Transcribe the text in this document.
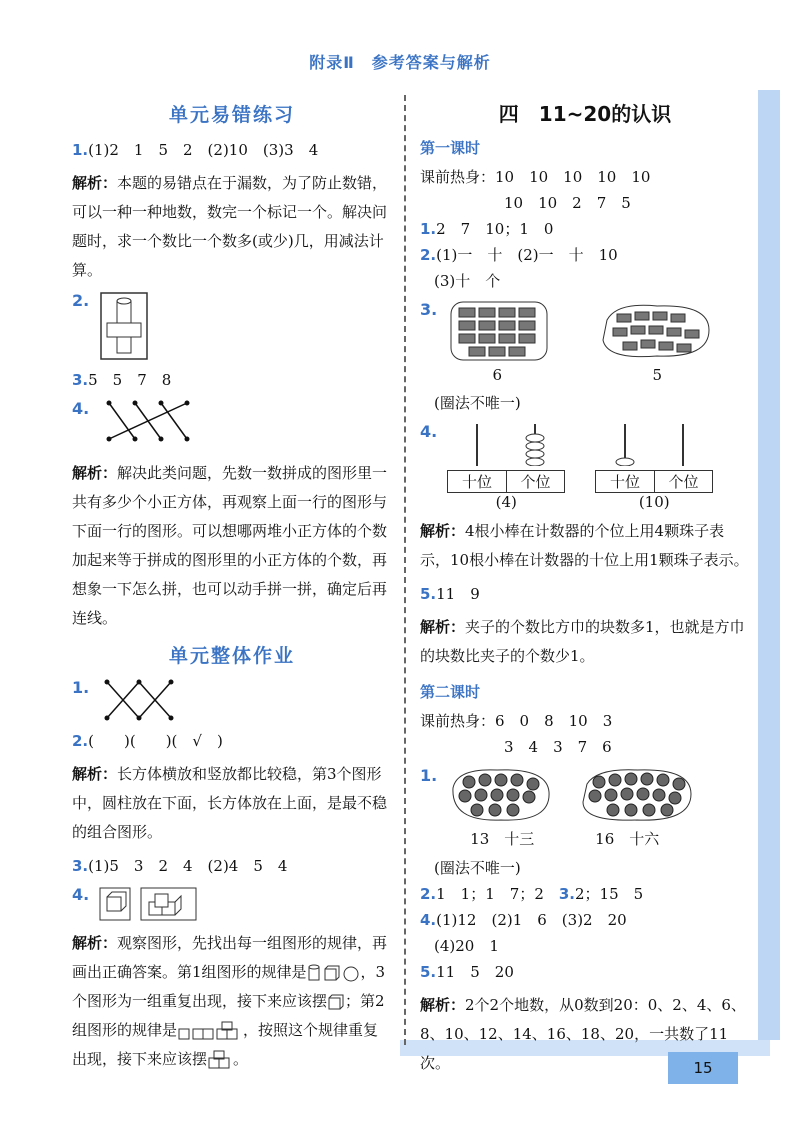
附录Ⅱ　参考答案与解析
单元易错练习
1.(1)2　1　5　2　(2)10　(3)3　4
解析：本题的易错点在于漏数，为了防止数错，可以一种一种地数，数完一个标记一个。解决问题时，求一个数比一个数多(或少)几，用减法计算。
2.
3.5　5　7　8
4.
解析：解决此类问题，先数一数拼成的图形里一共有多少个小正方体，再观察上面一行的图形与下面一行的图形。可以想哪两堆小正方体的个数加起来等于拼成的图形里的小正方体的个数，再想象一下怎么拼，也可以动手拼一拼，确定后再连线。
单元整体作业
1.
2.(　　)(　　)(　√　)
解析：长方体横放和竖放都比较稳，第3个图形中，圆柱放在下面，长方体放在上面，是最不稳的组合图形。
3.(1)5　3　2　4　(2)4　5　4
4.
解析：观察图形，先找出每一组图形的规律，再画出正确答案。第1组图形的规律是	，3个图形为一组重复出现，接下来应该摆 ；第2组图形的规律是	，按照这个规律重复出现，接下来应该摆 。
四　11~20的认识
第一课时
课前热身：10　10　10　10　10
10　10　2　7　5
1.2　7　10；1　0
2.(1)一　十　(2)一　十　10
(3)十　个
3.
6	5
(圈法不唯一)
4.
十位	个位
(4)
十位	个位
(10)
解析：4根小棒在计数器的个位上用4颗珠子表示，10根小棒在计数器的十位上用1颗珠子表示。
5.11　9
解析：夹子的个数比方巾的块数多1，也就是方巾的块数比夹子的个数少1。
第二课时
课前热身：6　0　8　10　3
3　4　3　7　6
1.
13　十三	16　十六
(圈法不唯一)
2.1　1；1　7；2　 3.2；15　5
4.(1)12　(2)1　6　(3)2　20
(4)20　1
5.11　5　20
解析：2个2个地数，从0数到20：0、2、4、6、8、10、12、14、16、18、20，一共数了11次。	15
